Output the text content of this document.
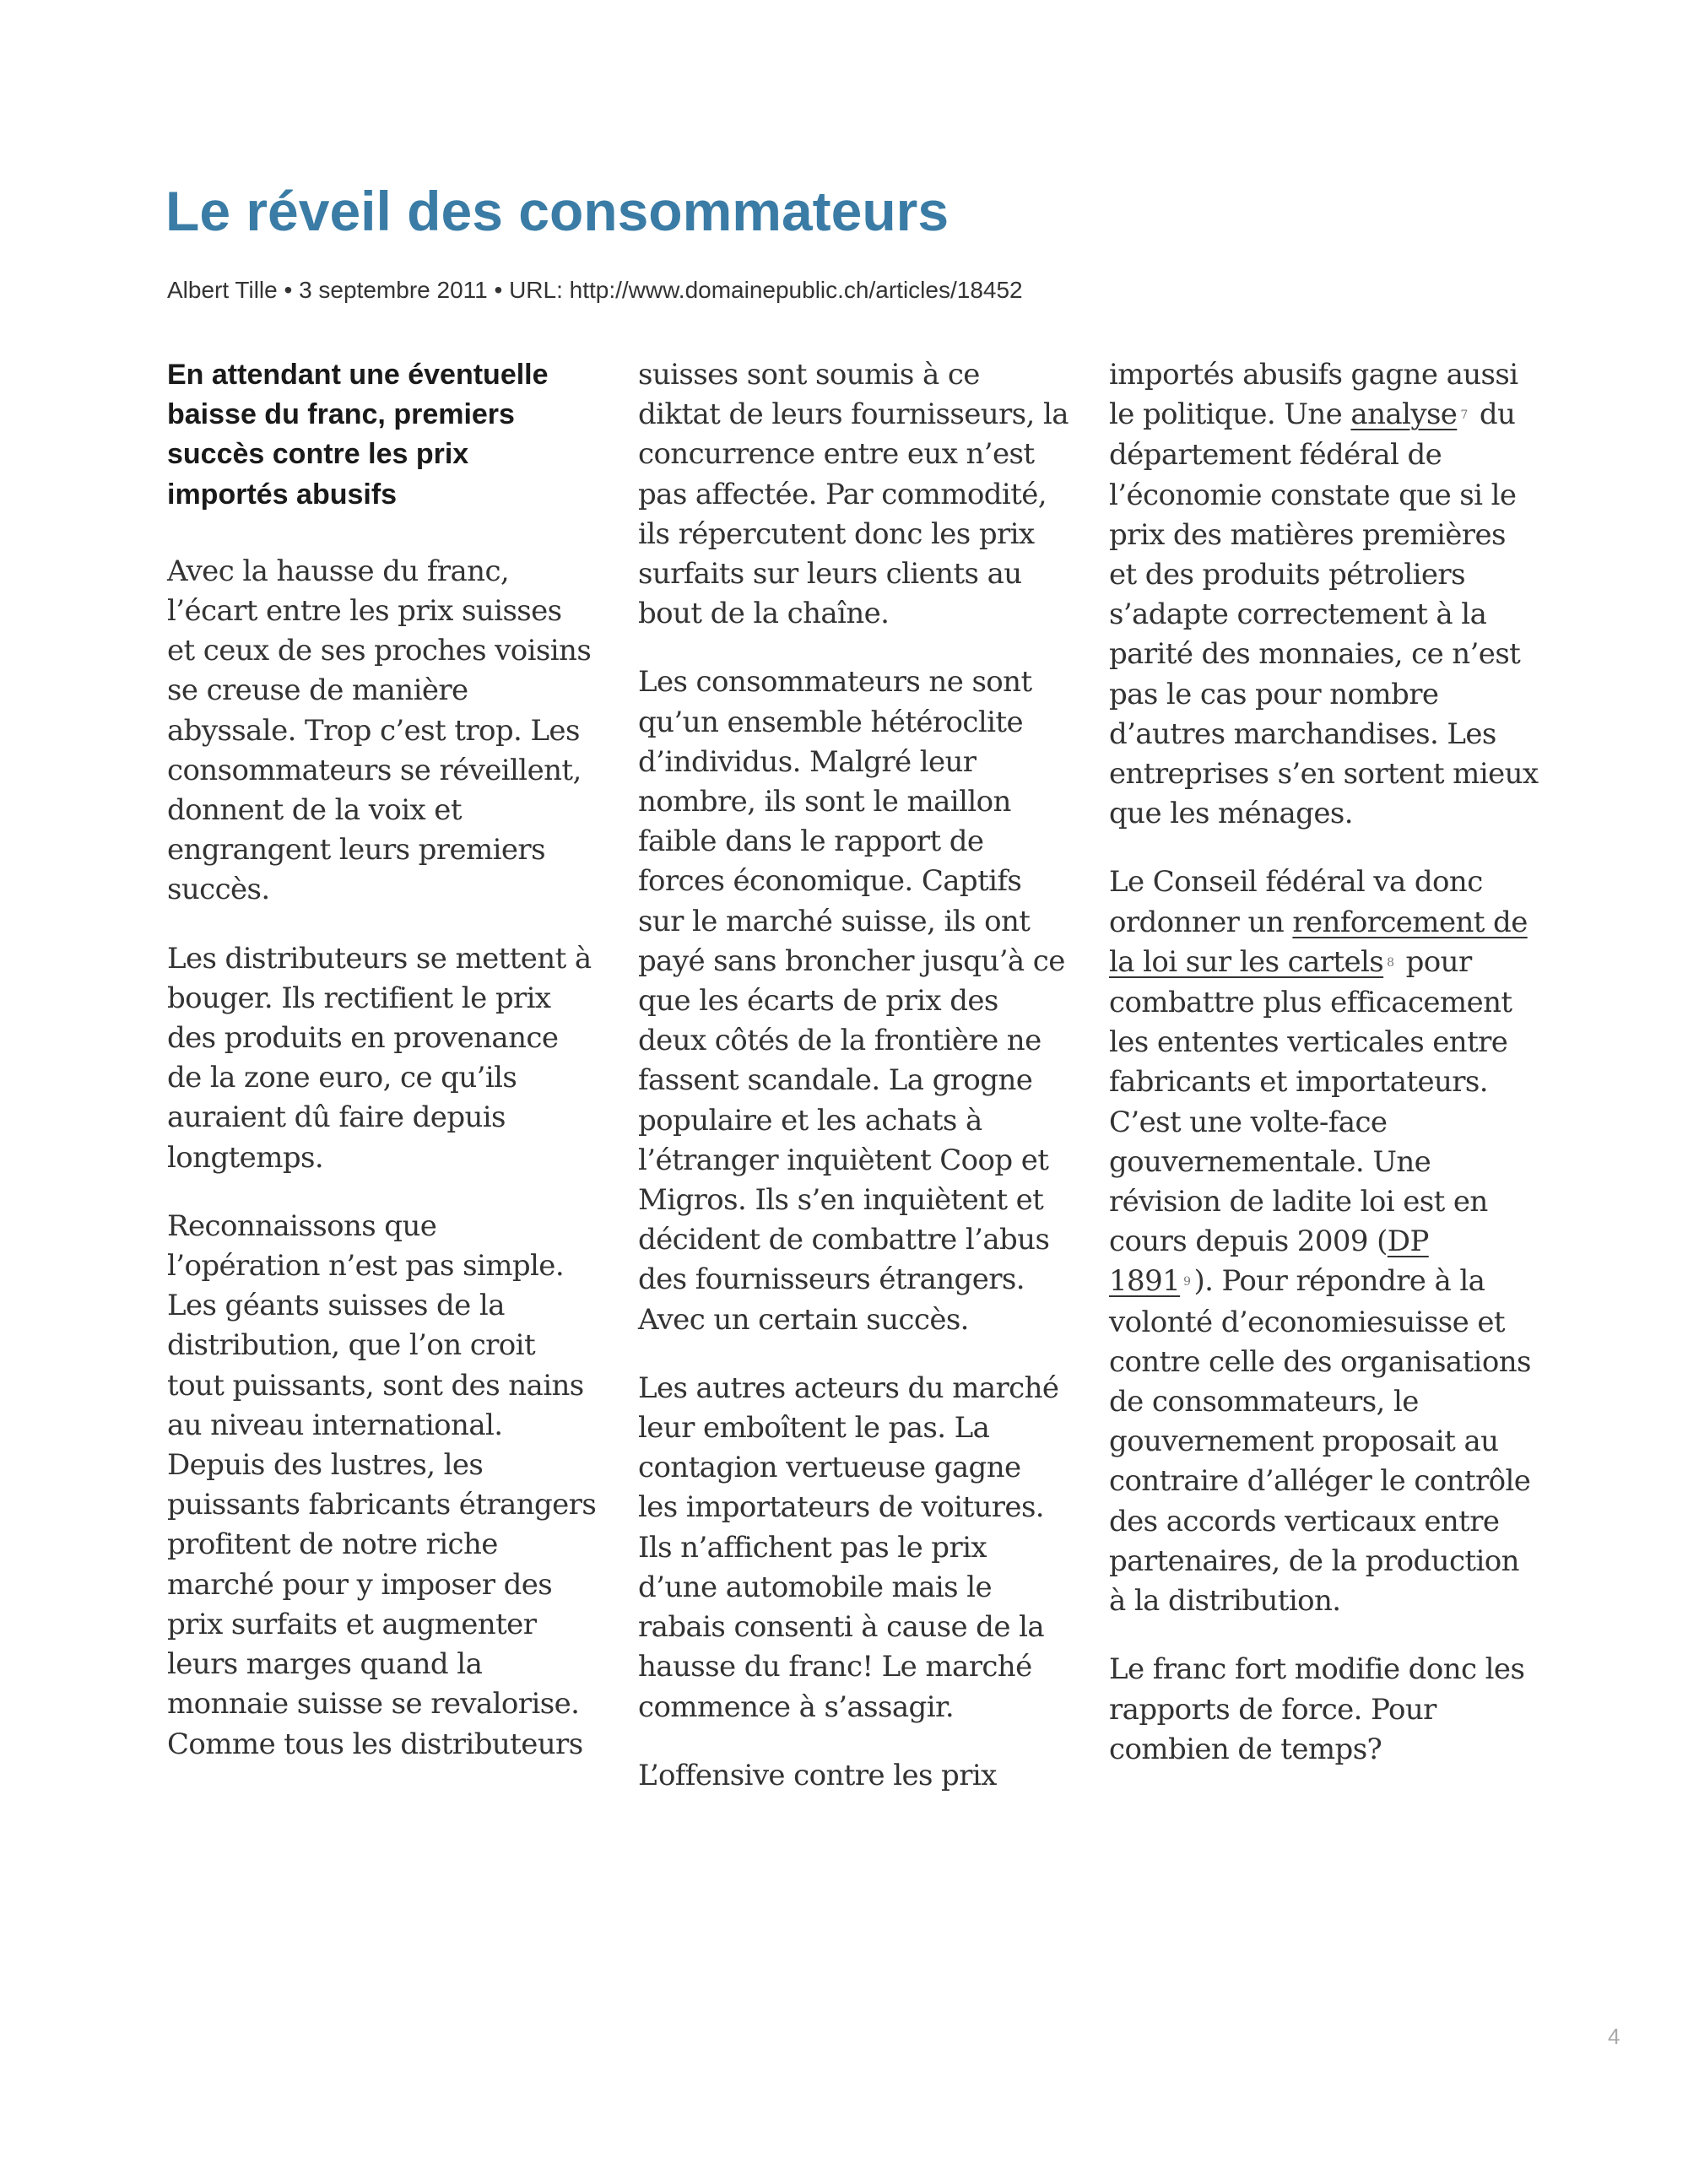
Le réveil des consommateurs

Albert Tille • 3 septembre 2011 • URL: http://www.domainepublic.ch/articles/18452

En attendant une éventuelle baisse du franc, premiers succès contre les prix importés abusifs

Avec la hausse du franc, l’écart entre les prix suisses et ceux de ses proches voisins se creuse de manière abyssale. Trop c’est trop. Les consommateurs se réveillent, donnent de la voix et engrangent leurs premiers succès.

Les distributeurs se mettent à bouger. Ils rectifient le prix des produits en provenance de la zone euro, ce qu’ils auraient dû faire depuis longtemps.

Reconnaissons que l’opération n’est pas simple. Les géants suisses de la distribution, que l’on croit tout puissants, sont des nains au niveau international. Depuis des lustres, les puissants fabricants étrangers profitent de notre riche marché pour y imposer des prix surfaits et augmenter leurs marges quand la monnaie suisse se revalorise. Comme tous les distributeurs

suisses sont soumis à ce diktat de leurs fournisseurs, la concurrence entre eux n’est pas affectée. Par commodité, ils répercutent donc les prix surfaits sur leurs clients au bout de la chaîne.

Les consommateurs ne sont qu’un ensemble hétéroclite d’individus. Malgré leur nombre, ils sont le maillon faible dans le rapport de forces économique. Captifs sur le marché suisse, ils ont payé sans broncher jusqu’à ce que les écarts de prix des deux côtés de la frontière ne fassent scandale. La grogne populaire et les achats à l’étranger inquiètent Coop et Migros. Ils s’en inquiètent et décident de combattre l’abus des fournisseurs étrangers. Avec un certain succès.

Les autres acteurs du marché leur emboîtent le pas. La contagion vertueuse gagne les importateurs de voitures. Ils n’affichent pas le prix d’une automobile mais le rabais consenti à cause de la hausse du franc! Le marché commence à s’assagir.

L’offensive contre les prix

importés abusifs gagne aussi le politique. Une analyse 7 du département fédéral de l’économie constate que si le prix des matières premières et des produits pétroliers s’adapte correctement à la parité des monnaies, ce n’est pas le cas pour nombre d’autres marchandises. Les entreprises s’en sortent mieux que les ménages.

Le Conseil fédéral va donc ordonner un renforcement de la loi sur les cartels 8 pour combattre plus efficacement les ententes verticales entre fabricants et importateurs. C’est une volte-face gouvernementale. Une révision de ladite loi est en cours depuis 2009 (DP 1891 9 ). Pour répondre à la volonté d’economiesuisse et contre celle des organisations de consommateurs, le gouvernement proposait au contraire d’alléger le contrôle des accords verticaux entre partenaires, de la production à la distribution.

Le franc fort modifie donc les rapports de force. Pour combien de temps?

4
